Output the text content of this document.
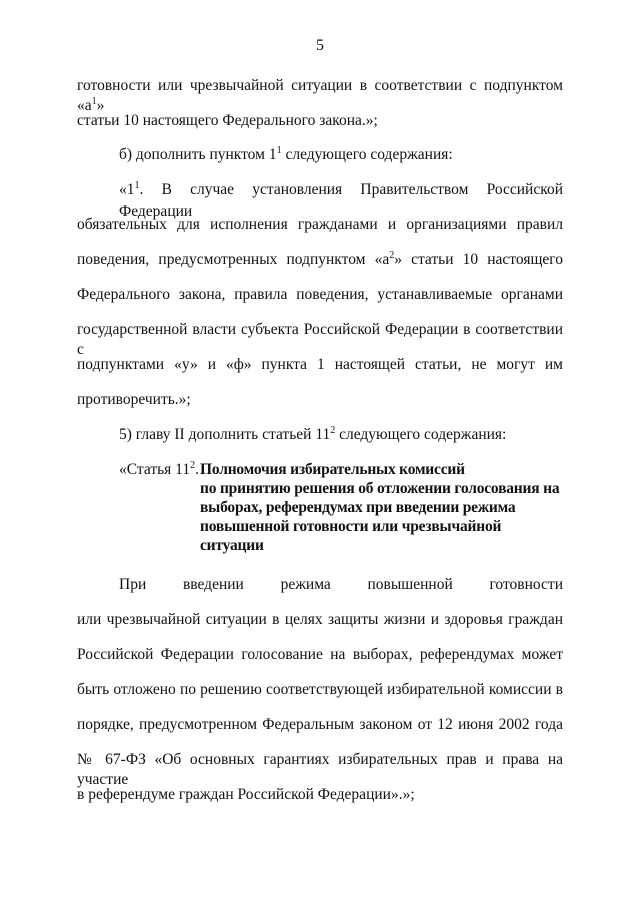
5
готовности или чрезвычайной ситуации в соответствии с подпунктом «$а^1$»
статьи 10 настоящего Федерального закона.»;
б) дополнить пунктом $1^1$ следующего содержания:
«$1^1$. В случае установления Правительством Российской Федерации
обязательных для исполнения гражданами и организациями правил
поведения, предусмотренных подпунктом «$а^2$» статьи 10 настоящего
Федерального закона, правила поведения, устанавливаемые органами
государственной власти субъекта Российской Федерации в соответствии с
подпунктами «у» и «ф» пункта 1 настоящей статьи, не могут им
противоречить.»;
5) главу II дополнить статьей $11^2$ следующего содержания:
«Статья $11^2$. Полномочия избирательных комиссий
по принятию решения об отложении голосования на
выборах, референдумах при введении режима
повышенной готовности или чрезвычайной
ситуации
При введении режима повышенной готовности
или чрезвычайной ситуации в целях защиты жизни и здоровья граждан
Российской Федерации голосование на выборах, референдумах может
быть отложено по решению соответствующей избирательной комиссии в
порядке, предусмотренном Федеральным законом от 12 июня 2002 года
№ 67-ФЗ «Об основных гарантиях избирательных прав и права на участие
в референдуме граждан Российской Федерации».»;
